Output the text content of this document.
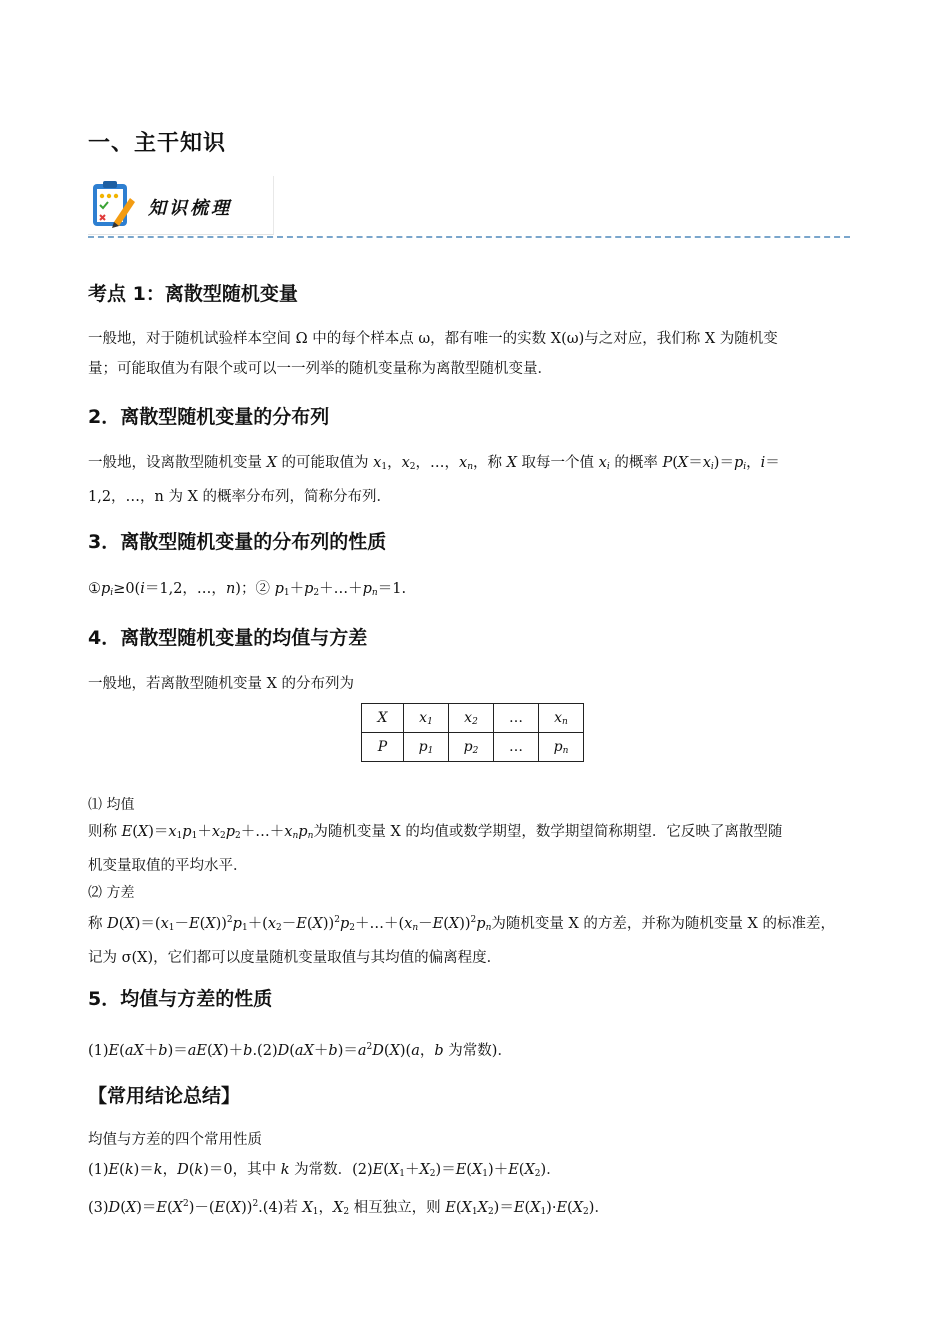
一、主干知识
知识梳理
考点 1：离散型随机变量
一般地，对于随机试验样本空间 Ω 中的每个样本点 ω，都有唯一的实数 X(ω)与之对应，我们称 X 为随机变
量；可能取值为有限个或可以一一列举的随机变量称为离散型随机变量．
2．离散型随机变量的分布列
一般地，设离散型随机变量 X 的可能取值为 $x_1$，$x_2$，…，$x_n$，称 X 取每一个值 $x_i$ 的概率 $P(X=x_i)=p_i$，i＝
1,2，…，n 为 X 的概率分布列，简称分布列．
3．离散型随机变量的分布列的性质
$①p_i\ge 0(i=1,2$，…，n)；② $p_1+p_2+\dots+p_n=1$.
4．离散型随机变量的均值与方差
一般地，若离散型随机变量 X 的分布列为
X	$x_1$	$x_2$	…	$x_n$
P	$p_1$	$p_2$	…	$p_n$
⑴ 均值
则称 $E(X)=x_1p_1+x_2p_2+\dots+x_np_n$为随机变量 X 的均值或数学期望，数学期望简称期望．它反映了离散型随
机变量取值的平均水平．
⑵ 方差
称 $D(X)=(x_1-E(X))^2p_1+(x_2-E(X))^2p_2+\dots+(x_n-E(X))^2p_n$为随机变量 X 的方差，并称为随机变量 X 的标准差，
记为 σ(X)，它们都可以度量随机变量取值与其均值的偏离程度．
5．均值与方差的性质
$(1)E(aX+b)=aE(X)+b.(2)D(aX+b)=a^2D(X)(a$，b 为常数)．
【常用结论总结】
均值与方差的四个常用性质
(1)E(k)＝k，D(k)＝0，其中 k 为常数．$(2)E(X_1+X_2)=E(X_1)+E(X_2)$．
$(3)D(X)=E(X^2)-(E(X))^2.(4)$若 $X_1$，$X_2$ 相互独立，则 $E(X_1X_2)=E(X_1)\cdot E(X_2)$．
